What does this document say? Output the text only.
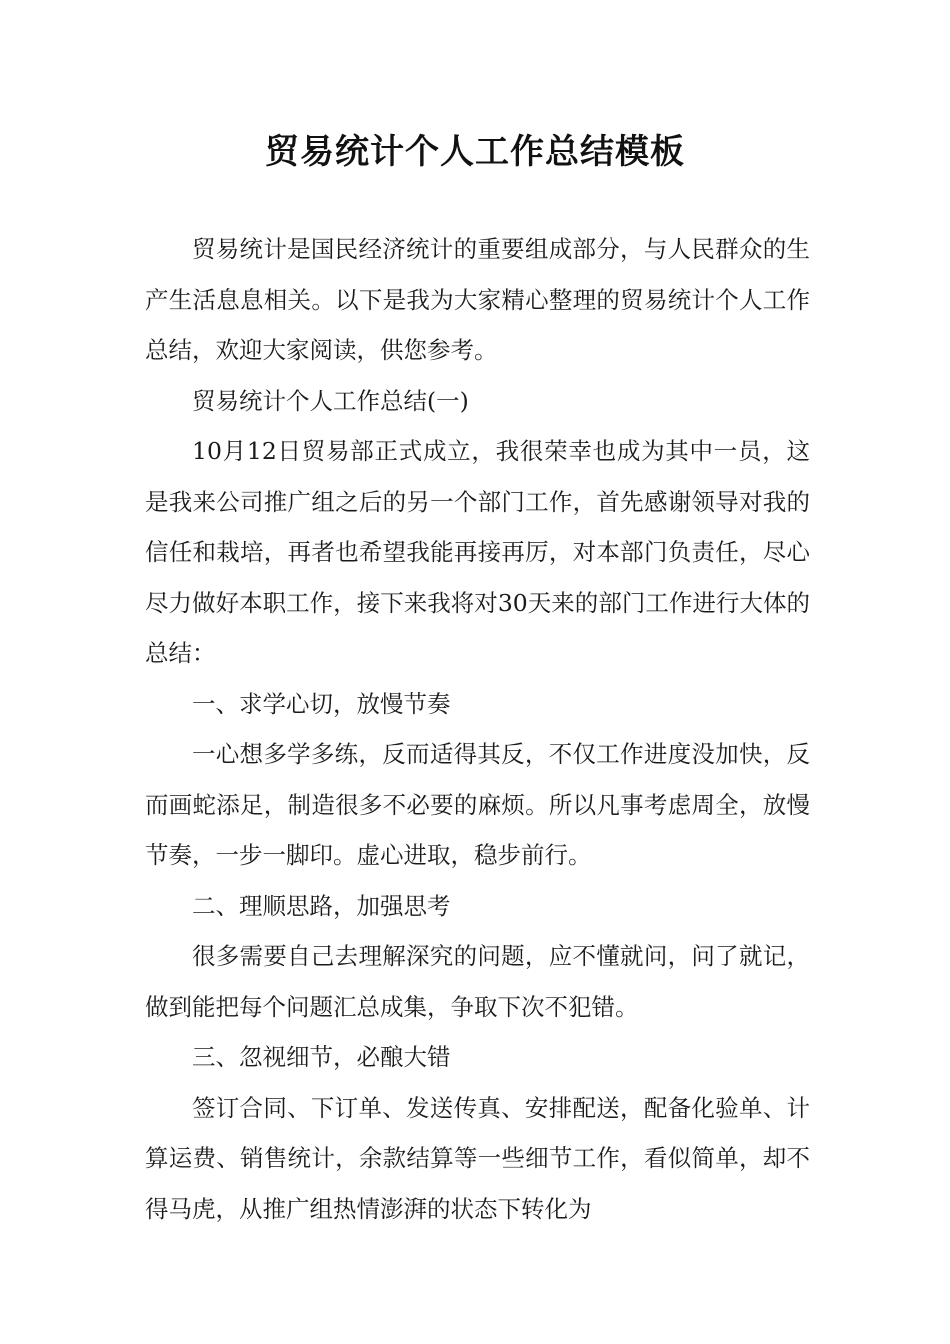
贸易统计个人工作总结模板

贸易统计是国民经济统计的重要组成部分，与人民群众的生产生活息息相关。以下是我为大家精心整理的贸易统计个人工作总结，欢迎大家阅读，供您参考。

贸易统计个人工作总结(一)

10月12日贸易部正式成立，我很荣幸也成为其中一员，这是我来公司推广组之后的另一个部门工作，首先感谢领导对我的信任和栽培，再者也希望我能再接再厉，对本部门负责任，尽心尽力做好本职工作，接下来我将对30天来的部门工作进行大体的总结：

一、求学心切，放慢节奏

一心想多学多练，反而适得其反，不仅工作进度没加快，反而画蛇添足，制造很多不必要的麻烦。所以凡事考虑周全，放慢节奏，一步一脚印。虚心进取，稳步前行。

二、理顺思路，加强思考

很多需要自己去理解深究的问题，应不懂就问，问了就记，做到能把每个问题汇总成集，争取下次不犯错。

三、忽视细节，必酿大错

签订合同、下订单、发送传真、安排配送，配备化验单、计算运费、销售统计，余款结算等一些细节工作，看似简单，却不得马虎，从推广组热情澎湃的状态下转化为
